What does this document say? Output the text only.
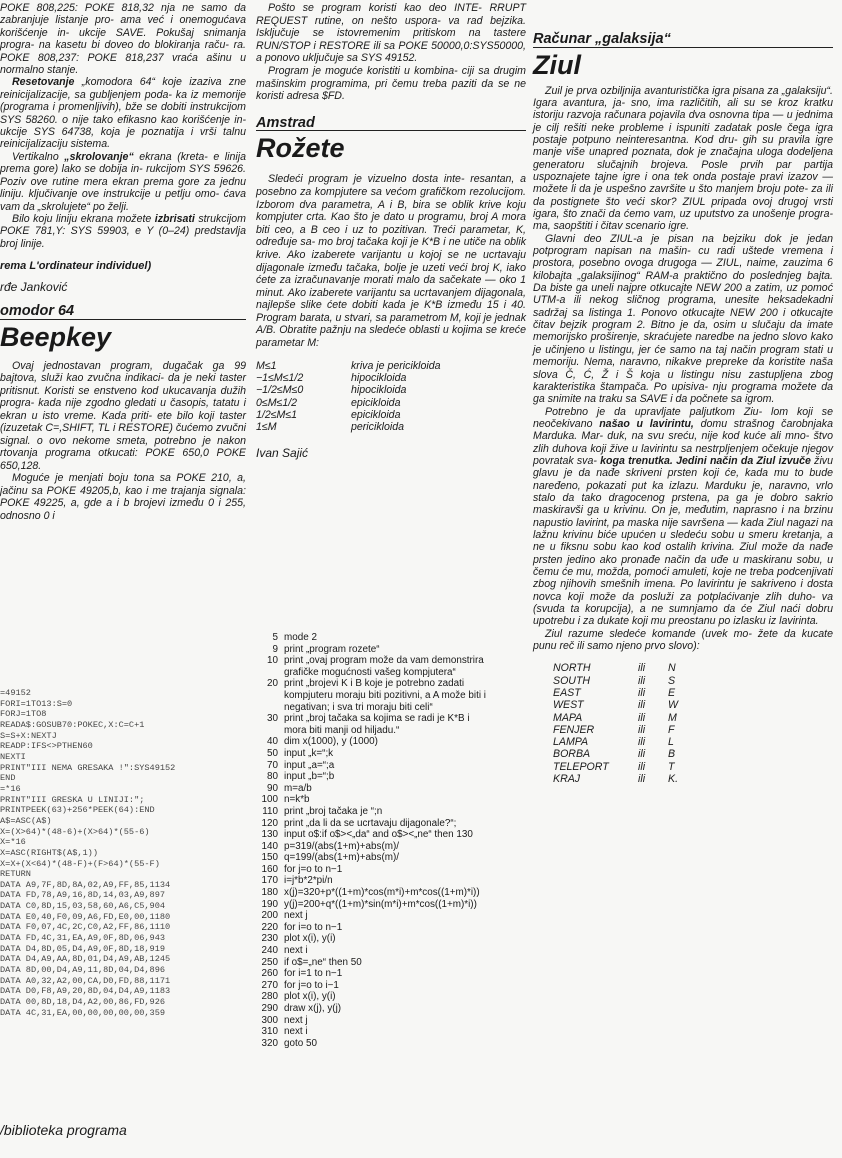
POKE 808,225: POKE 818,32 nja ne samo da zabranjuje listanje pro- ama već i onemogućava korišćenje in- ukcije SAVE. Pokušaj snimanja progra- na kasetu bi doveo do blokiranja raču- ra. POKE 808,237: POKE 818,237 vraća ašinu u normalno stanje.

Resetovanje „komodora 64“ koje izaziva zne reinicijalizacije, sa gubljenjem poda- ka iz memorije (programa i promenljivih), bže se dobiti instrukcijom SYS 58260. o nije tako efikasno kao korišćenje in- ukcije SYS 64738, koja je poznatija i vrši talnu reinicijalizaciju sistema.

Vertikalno „skrolovanje“ ekrana (kreta- e linija prema gore) lako se dobija in- rukcijom SYS 59626. Poziv ove rutine mera ekran prema gore za jednu liniju. ključivanje ove instrukcije u petlju omo- ćava vam da „skrolujete“ po želji.

Bilo koju liniju ekrana možete izbrisati strukcijom POKE 781,Y: SYS 59903, e Y (0–24) predstavlja broj linije.

rema L'ordinateur individuel)

rđe Janković

omodor 64

Beepkey

Ovaj jednostavan program, dugačak ga 99 bajtova, služi kao zvučna indikaci- da je neki taster pritisnut. Koristi se enstveno kod ukucavanja dužih progra- kada nije zgodno gledati u časopis, tatatu i ekran u isto vreme. Kada priti- ete bilo koji taster (izuzetak C=,SHIFT, TL i RESTORE) čućemo zvučni signal. o ovo nekome smeta, potrebno je nakon rtovanja programa otkucati: POKE 650,0 POKE 650,128.

Moguće je menjati boju tona sa POKE 210, a, jačinu sa POKE 49205,b, kao i me trajanja signala: POKE 49225, a, gde a i b brojevi između 0 i 255, odnosno 0 i

=49152
FORI=1TO13:S=0
FORJ=1TO8
READA$:GOSUB70:POKEC,X:C=C+1
S=S+X:NEXTJ
READP:IFS<>PTHEN60
NEXTI
PRINT"III NEMA GRESAKA !":SYS49152
END
=*16
PRINT"III GRESKA U LINIJI:";
PRINTPEEK(63)+256*PEEK(64):END
A$=ASC(A$)
X=(X>64)*(48-6)+(X>64)*(55-6)
X=*16
X=ASC(RIGHT$(A$,1))
X=X+(X<64)*(48-F)+(F>64)*(55-F)
RETURN
DATA A9,7F,8D,8A,02,A9,FF,85,1134
DATA FD,78,A9,16,8D,14,03,A9,897
DATA C0,8D,15,03,58,60,A6,C5,904
DATA E0,40,F0,09,A6,FD,E0,00,1180
DATA F0,07,4C,2C,C0,A2,FF,86,1110
DATA FD,4C,31,EA,A9,0F,8D,06,943
DATA D4,8D,05,D4,A9,0F,8D,18,919
DATA D4,A9,AA,8D,01,D4,A9,AB,1245
DATA 8D,00,D4,A9,11,8D,04,D4,896
DATA A0,32,A2,00,CA,D0,FD,88,1171
DATA D0,F8,A9,20,8D,04,D4,A9,1183
DATA 00,8D,18,D4,A2,00,86,FD,926
DATA 4C,31,EA,00,00,00,00,00,359

/biblioteka programa

Pošto se program koristi kao deo INTE- RRUPT REQUEST rutine, on nešto usporа- va rad bejzika. Isključuje se istovremenim pritiskom na tastere RUN/STOP i RESTORE ili sa POKE 50000,0:SYS50000, a ponovo uključuje sa SYS 49152.

Program je moguće koristiti u kombina- ciji sa drugim mašinskim programima, pri čemu treba paziti da se ne koristi adresa $FD.

Amstrad

Rožete

Sledeći program je vizuelno dosta inte- resantan, a posebno za kompjutere sa većom grafičkom rezolucijom. Izborom dva parametra, A i B, bira se oblik krive koju kompjuter crta. Kao što je dato u programu, broj A mora biti ceo, a B ceo i uz to pozitivan. Treći parametar, K, određuje sa- mo broj tačaka koji je K*B i ne utiče na oblik krive. Ako izaberete varijantu u kojoj se ne ucrtavaju dijagonale između tačaka, bolje je uzeti veći broj K, iako ćete za izračunavanje morati malo da sačekate — oko 1 minut. Ako izaberete varijantu sa ucrtavanjem dijagonala, najlepše slike ćete dobiti kada je K*B između 15 i 40. Program barata, u stvari, sa parametrom M, koji je jednak A/B. Obratite pažnju na sledeće oblasti u kojima se kreće parametar M:

M≤1	kriva je pericikloida
−1≤M≤1/2	hipocikloida
−1/2≤M≤0	hipocikloida
0≤M≤1/2	epicikloida
1/2≤M≤1	epicikloida
1≤M	pericikloida

Ivan Sajić

5 mode 2
9 print „program rozete“
10 print „ovaj program može da vam demonstrira
grafičke mogućnosti vašeg kompjutera“
20 print „brojevi K i B koje je potrebno zadati
kompjuteru moraju biti pozitivni, a A može biti i
negativan; i sva tri moraju biti celi“
30 print „broj tačaka sa kojima se radi je K*B i
mora biti manji od hiljadu.“
40 dim x(1000), y (1000)
50 input „k=“;k
70 input „a=“;a
80 input „b=“;b
90 m=a/b
100 n=k*b
110 print „broj tačaka je “;n
120 print „da li da se ucrtavaju dijagonale?“;
130 input o$:if o$><„da“ and o$><„ne“ then 130
140 p=319/(abs(1+m)+abs(m)/
150 q=199/(abs(1+m)+abs(m)/
160 for j=o to n−1
170 i=j*b*2*pi/n
180 x(j)=320+p*((1+m)*cos(m*i)+m*cos((1+m)*i))
190 y(j)=200+q*((1+m)*sin(m*i)+m*cos((1+m)*i))
200 next j
220 for i=o to n−1
230 plot x(i), y(i)
240 next i
250 if o$=„ne“ then 50
260 for i=1 to n−1
270 for j=o to i−1
280 plot x(i), y(i)
290 draw x(j), y(j)
300 next j
310 next i
320 goto 50

Računar „galaksija“

Ziul

Zuil je prva ozbiljnija avanturistička igra pisana za „galaksiju“. Igara avantura, ja- sno, ima različitih, ali su se kroz kratku istoriju razvoja računara pojavila dva osnovna tipa — u jednima je cilj rešiti neke probleme i ispuniti zadatak posle čega igra postaje potpuno neinteresantna. Kod dru- gih su pravila igre manje više unapred poznata, dok je značajna uloga dodeljena generatoru slučajnih brojeva. Posle prvih par partija uspoznajete tajne igre i ona tek onda postaje pravi izazov — možete li da je uspešno završite u što manjem broju pote- za ili da postignete što veći skor? ZIUL pripada ovoj drugoj vrsti igara, što znači da ćemo vam, uz uputstvo za unošenje progra- ma, saopštiti i čitav scenario igre.

Glavni deo ZIUL-a je pisan na bejziku dok je jedan potprogram napisan na mašin- cu radi uštede vremena i prostora, posebno ovoga drugoga — ZIUL, naime, zauzima 6 kilobajta „galaksijinog“ RAM-a praktično do poslednjeg bajta. Da biste ga uneli najpre otkucajte NEW 200 a zatim, uz pomoć UTM-a ili nekog sličnog programa, unesite heksadekadni sadržaj sa listinga 1. Ponovo otkucajte NEW 200 i otkucajte čitav bejzik program 2. Bitno je da, osim u slučaju da imate memorijsko proširenje, skraćujete naredbe na jedno slovo kako je učinjeno u listingu, jer će samo na taj način program stati u memoriju. Nema, naravno, nikakve prepreke da koristite naša slova Č, Ć, Ž i Š koja u listingu nisu zastupljena zbog karakteristika štampača. Po upisiva- nju programa možete da ga snimite na traku sa SAVE i da počnete sa igrom.

Potrebno je da upravljate paljutkom Ziu- lom koji se neočekivano našao u lavirintu, domu strašnog čarobnjaka Marduka. Mar- duk, na svu sreću, nije kod kuće ali mno- štvo zlih duhova koji žive u lavirintu sa nestrpljenjem očekuje njegov povratak sva- koga trenutka. Jedini način da Ziul izvuče živu glavu je da nađe skriveni prsten koji će, kada mu to bude naređeno, pokazati put ka izlazu. Marduku je, naravno, vrlo stalo da tako dragocenog prstena, pa ga je dobro sakrio maskiravši ga u krivinu. On je, međutim, naprasno i na brzinu napustio lavirint, pa maska nije savršena — kada Ziul nagazi na lažnu krivinu biće upućen u sledeću sobu u smeru kretanja, a ne u fiksnu sobu kao kod ostalih krivina. Ziul može da nađe prsten jedino ako pronađe način da uđe u maskiranu sobu, u čemu će mu, možda, pomoći amuleti, koje ne treba podcenjivati zbog njihovih smešnih imena. Po lavirintu je sakriveno i dosta novca koji može da posluži za potplaćivanje zlih duho- va (svuda ta korupcija), a ne sumnjamo da će Ziul naći dobru upotrebu i za dukate koji mu preostanu po izlasku iz lavirinta.

Ziul razume sledeće komande (uvek mo- žete da kucate punu reč ili samo njeno prvo slovo):

NORTH	ili	N
SOUTH	ili	S
EAST	ili	E
WEST	ili	W
MAPA	ili	M
FENJER	ili	F
LAMPA	ili	L
BORBA	ili	B
TELEPORT	ili	T
KRAJ	ili	K.
